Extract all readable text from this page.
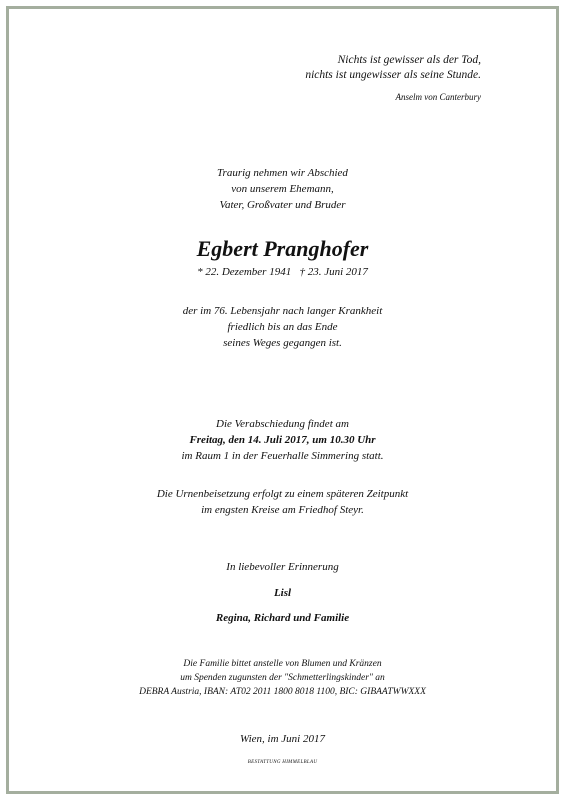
Nichts ist gewisser als der Tod,
nichts ist ungewisser als seine Stunde.
Anselm von Canterbury
Traurig nehmen wir Abschied
von unserem Ehemann,
Vater, Großvater und Bruder
Egbert Pranghofer
* 22. Dezember 1941   † 23. Juni 2017
der im 76. Lebensjahr nach langer Krankheit
friedlich bis an das Ende
seines Weges gegangen ist.
Die Verabschiedung findet am
Freitag, den 14. Juli 2017, um 10.30 Uhr
im Raum 1 in der Feuerhalle Simmering statt.
Die Urnenbeisetzung erfolgt zu einem späteren Zeitpunkt
im engsten Kreise am Friedhof Steyr.
In liebevoller Erinnerung
Lisl
Regina, Richard und Familie
Die Familie bittet anstelle von Blumen und Kränzen
um Spenden zugunsten der "Schmetterlingskinder" an
DEBRA Austria, IBAN: AT02 2011 1800 8018 1100, BIC: GIBAATWWXXX
Wien, im Juni 2017
BESTATTUNG HIMMELBLAU
